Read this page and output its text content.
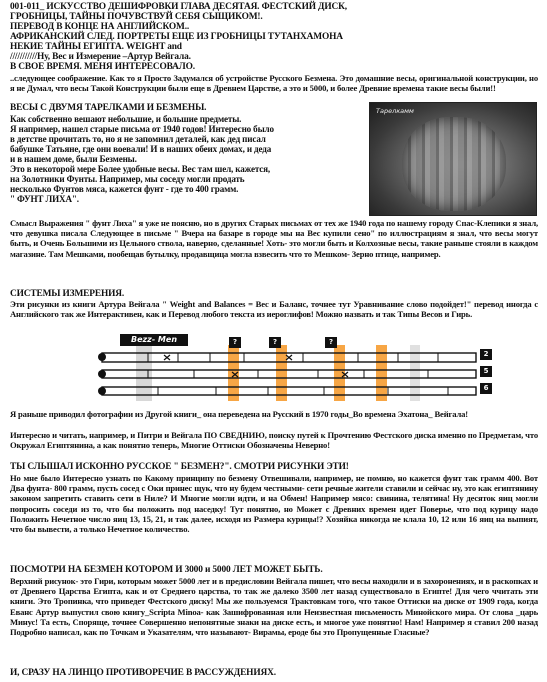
001-011_ ИСКУССТВО ДЕШИФРОВКИ ГЛАВА ДЕСЯТАЯ. ФЕСТСКИЙ ДИСК,
ГРОБНИЦЫ, ТАЙНЫ ПОЧУВСТВУЙ СЕБЯ СЫЩИКОМ!.
ПЕРЕВОД В КОНЦЕ НА АНГЛИЙСКОМ..
АФРИКАНСКИЙ СЛЕД. ПОРТРЕТЫ ЕЩЕ ИЗ ГРОБНИЦЫ ТУТАНХАМОНА
НЕКИЕ ТАЙНЫ ЕГИПТА. WEIGHT and
///////////Ну, Вес и Измерение –Артур Вейгала.
В СВОЕ ВРЕМЯ. МЕНЯ ИНТЕРЕСОВАЛО.
..следующее соображение. Как то я Просто Задумался об устройстве Русского Безмена. Это домашние весы, оригинальной конструкции, но я не Думал, что весы Такой Конструкции были еще в Древнем Царстве, а это и 5000, и более Древние времена такие весы были!!
ВЕСЫ С ДВУМЯ ТАРЕЛКАМИ И БЕЗМЕНЫ.
Как собственно вешают небольшие, и большие предметы.
Я например, нашел старые письма от 1940 годов! Интересно было
в детстве прочитать то, но я не запомнил деталей, как дед писал
бабушке Татьяне, где они воевали! И в наших обеих домах, и деда
и в нашем доме, были Безмены.
Это в некоторой мере Более удобные весы. Вес там шел, кажется,
на Золотники Фунты. Например, мы соседу могли продать
несколько Фунтов мяса, кажется фунт - где то 400 грамм.
" ФУНТ ЛИХА".
Тарелкамм
Смысл Выражения " фунт Лиха" я уже не поясню, но в других Старых письмах от тех же 1940 года по нашему городу Спас-Клепики я знал, что девушка писала Следующее в письме " Вчера на базаре в городе мы на Вес купили сено" по иллюстрациям я знал, что весы могут быть, и Очень Большими из Цельного ствола, наверно, сделанные! Хоть- это могли быть и Колхозные весы, такие раньше стояли в каждом магазине. Там Мешками, пообещав бутылку, продавщица могла взвесить что то Мешком- Зерно птице, например.
СИСТЕМЫ ИЗМЕРЕНИЯ.
Эти рисунки из книги Артура Вейгала " Weight and Balances = Вес и Баланс, точнее тут Уравнивание слово подойдет!" перевод иногда с Английского так же Интерактивен, как и Перевод любого текста из иероглифов! Можно назвать и так Типы Весов и Гирь.
Bezz- Men	?	?	?
2
5
6
Я раньше приводил фотографии из Другой книги_ она переведена на Русский в 1970 годы_Во времена Эхатона_ Вейгала!
Интересно и читать, например, и Питри и Вейгала ПО СВЕДНИЮ, поиску путей к Прочтению Фестского диска именно по Предметам, что Окружал Египтянина, а как понятно теперь, Многие Оттиски Обозначены Неверно!
ТЫ СЛЫШАЛ ИСКОННО РУССКОЕ " БЕЗМЕН?". СМОТРИ РИСУНКИ ЭТИ!
Но мне было Интересно узнать по Какому принципу по безмену Отвешивали, например, не помню, но кажется фунт так грамм 400. Вот Два фунта- 800 грамм, пусть сосед с Оки принес щук, что ну будем честными- сети речные жители ставили и сейчас ну, это как египтянину законом запретить ставить сети в Ниле? И Многие могли идти, и на Обмен! Например мясо: свинина, телятина! Ну десяток яиц могли попросить соседи из то, что бы положить под наседку! Тут понятно, но Может с Древних времен идет Поверье, что под курицу надо Положить Нечетное число яиц 13, 15, 21, и так далее, исходя из Размера курицы!? Хозяйка никогда не клала 10, 12 или 16 яиц на выпият, что бы вывести, а только Нечетное количество.
ПОСМОТРИ НА БЕЗМЕН КОТОРОМ И 3000 и 5000 ЛЕТ МОЖЕТ БЫТЬ.
Верхний рисунок- это Гири, которым может 5000 лет и в предисловии Вейгала пишет, что весы находили и в захоронениях, и в раскопках и от Древнего Царства Египта, как и от Среднего царства, то так же далеко 3500 лет назад существовало в Египте! Для чего ччитать эти книги. Это Тропинка, что приведет Фестского диску! Мы же пользуемся Трактовкам того, что такое Оттиски на диске от 1909 года, когда Еванс Артур выпустил свою книгу_Scripta Minoa- как Зашифрованная или Неизвестная письменость Минойского мира. От слова _царь Минус! Та есть, Споряще, точнее Совершенно непонятные знаки на диске есть, и многое уже понятно! Нам! Например я ставил 200 назад Подробно написал, как по Точкам и Указателям, что называют- Вирамы, ероде бы это Пропущенные Гласные?
И, СРАЗУ НА ЛИНЦО ПРОТИВОРЕЧИЕ В РАССУЖДЕНИЯХ.
